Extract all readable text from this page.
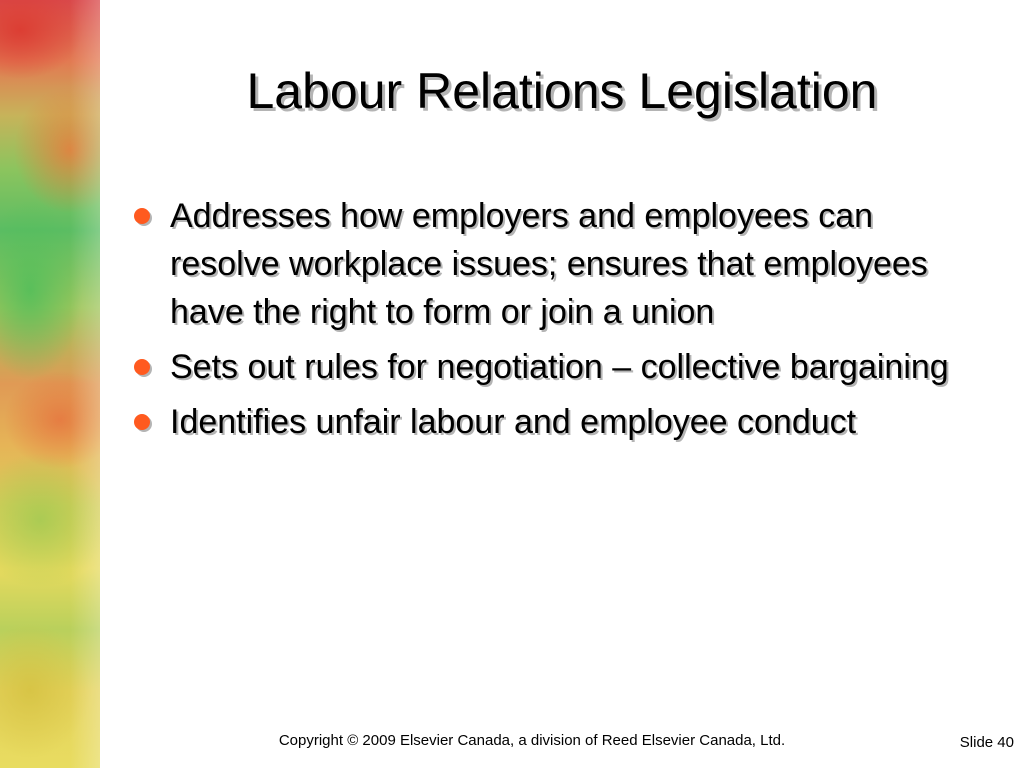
Labour Relations Legislation
Addresses how employers and employees can resolve workplace issues; ensures that employees have the right to form or join a union
Sets out rules for negotiation – collective bargaining
Identifies unfair labour and employee conduct
Copyright © 2009 Elsevier Canada, a division of Reed Elsevier Canada, Ltd.	Slide 40
